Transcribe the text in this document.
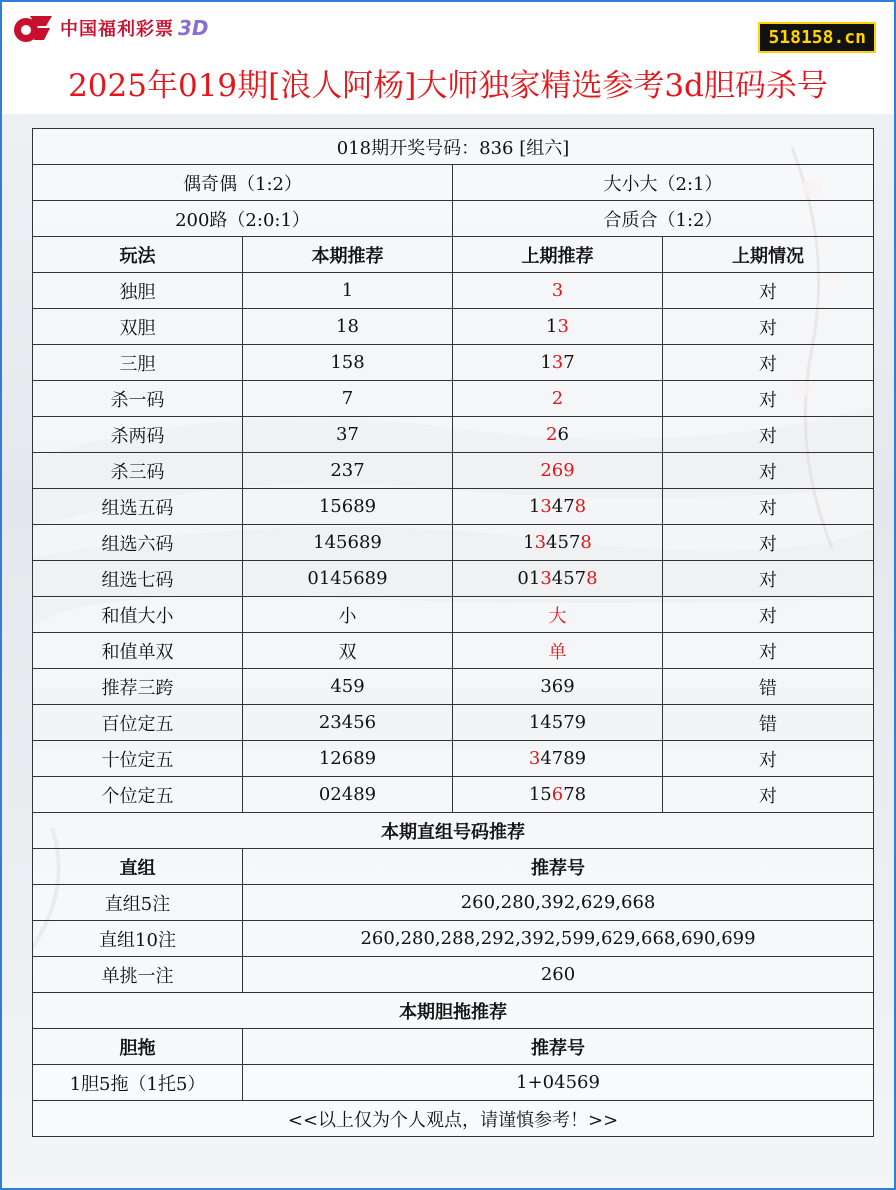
中国福利彩票 3D	518158.cn
2025年019期[浪人阿杨]大师独家精选参考3d胆码杀号
018期开奖号码：836 [组六]			
偶奇偶（1:2）		大小大（2:1）	
200路（2:0:1）		合质合（1:2）	
玩法	本期推荐	上期推荐	上期情况
独胆	1	3	对
双胆	18	13	对
三胆	158	137	对
杀一码	7	2	对
杀两码	37	26	对
杀三码	237	269	对
组选五码	15689	13478	对
组选六码	145689	134578	对
组选七码	0145689	0134578	对
和值大小	小	大	对
和值单双	双	单	对
推荐三跨	459	369	错
百位定五	23456	14579	错
十位定五	12689	34789	对
个位定五	02489	15678	对
本期直组号码推荐			
直组	推荐号		
直组5注	260,280,392,629,668		
直组10注	260,280,288,292,392,599,629,668,690,699		
单挑一注	260		
本期胆拖推荐			
胆拖	推荐号		
1胆5拖（1托5）	1+04569		
<<以上仅为个人观点，请谨慎参考！>>			
